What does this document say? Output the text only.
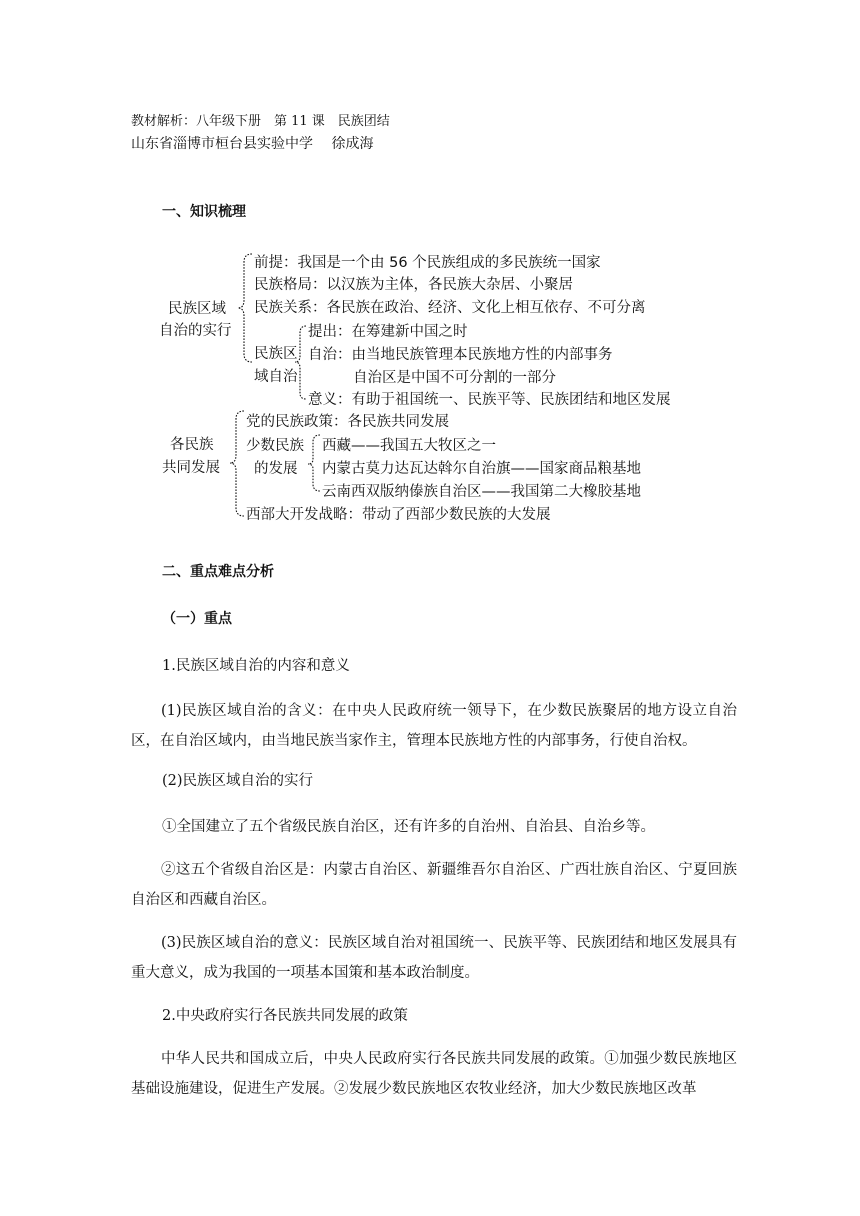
教材解析：八年级下册　第 11 课　民族团结
山东省淄博市桓台县实验中学　 徐成海
一、知识梳理
民族区域
自治的实行
前提：我国是一个由 56 个民族组成的多民族统一国家
民族格局：以汉族为主体，各民族大杂居、小聚居
民族关系：各民族在政治、经济、文化上相互依存、不可分离
民族区
域自治
提出：在筹建新中国之时
自治：由当地民族管理本民族地方性的内部事务
自治区是中国不可分割的一部分
意义：有助于祖国统一、民族平等、民族团结和地区发展
各民族
共同发展
党的民族政策：各民族共同发展
少数民族
的发展
西藏——我国五大牧区之一
内蒙古莫力达瓦达斡尔自治旗——国家商品粮基地
云南西双版纳傣族自治区——我国第二大橡胶基地
西部大开发战略：带动了西部少数民族的大发展
二、重点难点分析
（一）重点
1.民族区域自治的内容和意义
(1)民族区域自治的含义：在中央人民政府统一领导下，在少数民族聚居的地方设立自治区，在自治区域内，由当地民族当家作主，管理本民族地方性的内部事务，行使自治权。
(2)民族区域自治的实行
①全国建立了五个省级民族自治区，还有许多的自治州、自治县、自治乡等。
②这五个省级自治区是：内蒙古自治区、新疆维吾尔自治区、广西壮族自治区、宁夏回族自治区和西藏自治区。
(3)民族区域自治的意义：民族区域自治对祖国统一、民族平等、民族团结和地区发展具有重大意义，成为我国的一项基本国策和基本政治制度。
2.中央政府实行各民族共同发展的政策
中华人民共和国成立后，中央人民政府实行各民族共同发展的政策。①加强少数民族地区基础设施建设，促进生产发展。②发展少数民族地区农牧业经济，加大少数民族地区改革
